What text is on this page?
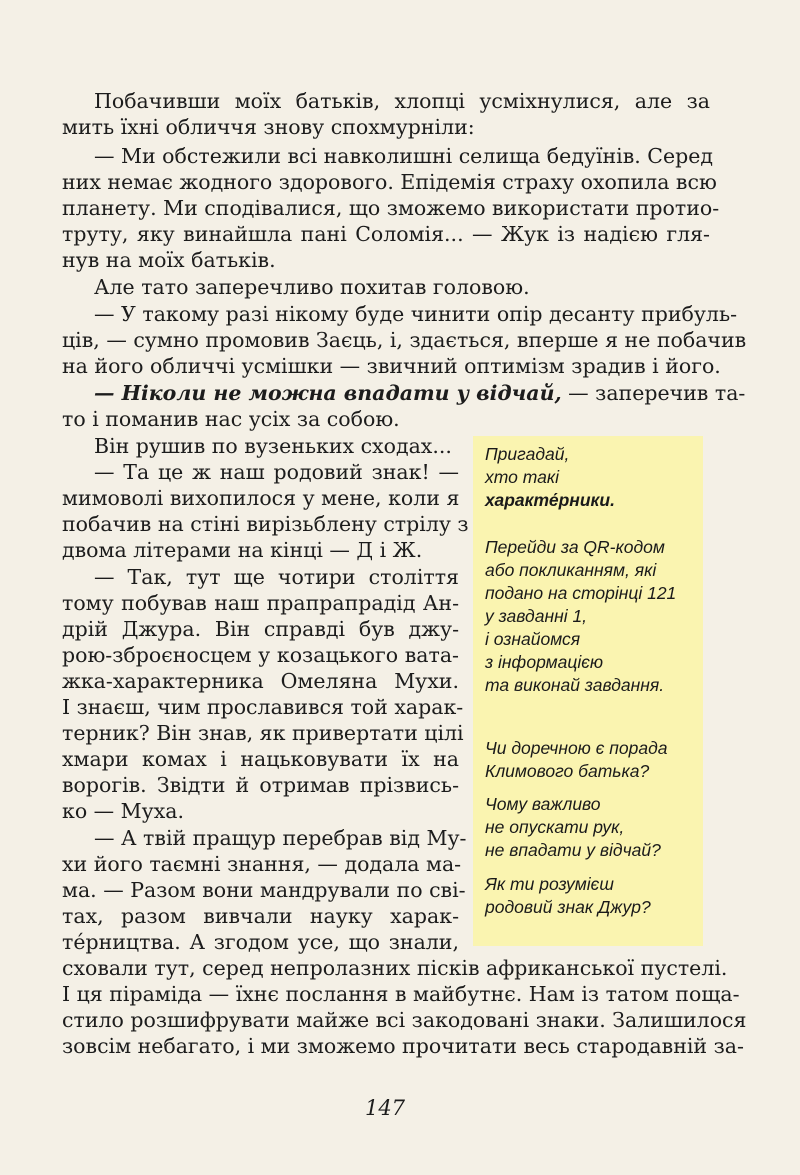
Побачивши моїх батьків, хлопці усміхнулися, але за
мить їхні обличчя знову спохмурніли:
— Ми обстежили всі навколишні селища бедуїнів. Серед
них немає жодного здорового. Епідемія страху охопила всю
планету. Ми сподівалися, що зможемо використати протио-
труту, яку винайшла пані Соломія... — Жук із надією гля-
нув на моїх батьків.
Але тато заперечливо похитав головою.
— У такому разі нікому буде чинити опір десанту прибуль-
ців, — сумно промовив Заєць, і, здається, вперше я не побачив
на його обличчі усмішки — звичний оптимізм зрадив і його.
— Ніколи не можна впадати у відчай, — заперечив та-
то і поманив нас усіх за собою.
Він рушив по вузеньких сходах...
— Та це ж наш родовий знак! —
мимоволі вихопилося у мене, коли я
побачив на стіні вирізьблену стрілу з
двома літерами на кінці — Д і Ж.
— Так, тут ще чотири століття
тому побував наш прапрапрадід Ан-
дрій Джура. Він справді був джу-
рою-зброєносцем у козацького вата-
жка-характерника Омеляна Мухи.
І знаєш, чим прославився той харак-
терник? Він знав, як привертати цілі
хмари комах і нацьковувати їх на
ворогів. Звідти й отримав прізвись-
ко — Муха.
— А твій пращур перебрав від Му-
хи його таємні знання, — додала ма-
ма. — Разом вони мандрували по сві-
тах, разом вивчали науку харак-
те́рництва. А згодом усе, що знали,
сховали тут, серед непролазних пісків африканської пустелі.
І ця піраміда — їхнє послання в майбутнє. Нам із татом поща-
стило розшифрувати майже всі закодовані знаки. Залишилося
зовсім небагато, і ми зможемо прочитати весь стародавній за-
Пригадай,
хто такі
характе́рники.
Перейди за QR-кодом
або покликанням, які
подано на сторінці 121
у завданні 1,
і ознайомся
з інформацією
та виконай завдання.
Чи доречною є порада
Климового батька?
Чому важливо
не опускати рук,
не впадати у відчай?
Як ти розумієш
родовий знак Джур?
147
